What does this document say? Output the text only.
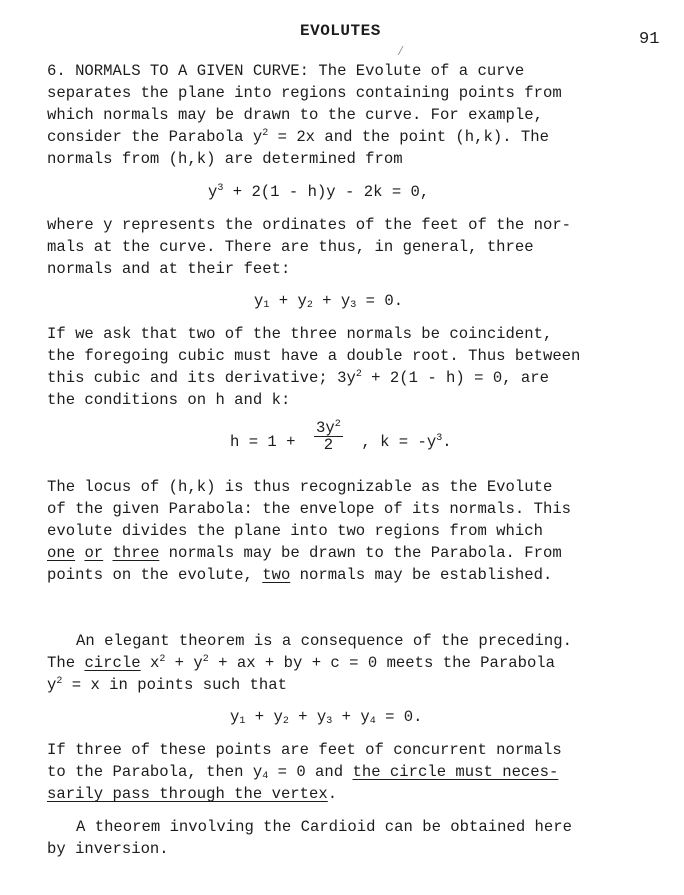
EVOLUTES	91
/
6. NORMALS TO A GIVEN CURVE: The Evolute of a curve
separates the plane into regions containing points from
which normals may be drawn to the curve. For example,
consider the Parabola $y^2 = 2x$ and the point (h,k). The
normals from (h,k) are determined from
$y^3 + 2(1 - h)y - 2k = 0$,
where y represents the ordinates of the feet of the nor-
mals at the curve. There are thus, in general, three
normals and at their feet:
$y_1 + y_2 + y_3 = 0$.
If we ask that two of the three normals be coincident,
the foregoing cubic must have a double root. Thus between
this cubic and its derivative; $3y^2 + 2(1 - h) = 0$, are
the conditions on h and k:
$h = 1 + \frac{3y^2}{2}$ , $k = -y^3$.
The locus of (h,k) is thus recognizable as the Evolute
of the given Parabola: the envelope of its normals. This
evolute divides the plane into two regions from which
one or three normals may be drawn to the Parabola. From
points on the evolute, two normals may be established.
An elegant theorem is a consequence of the preceding.
The circle $x^2 + y^2$ + ax + by + c = 0 meets the Parabola
$y^2 = x$ in points such that
$y_1 + y_2 + y_3 + y_4 = 0$.
If three of these points are feet of concurrent normals
to the Parabola, then $y_4 = 0$ and the circle must neces-
sarily pass through the vertex.
A theorem involving the Cardioid can be obtained here
by inversion.
